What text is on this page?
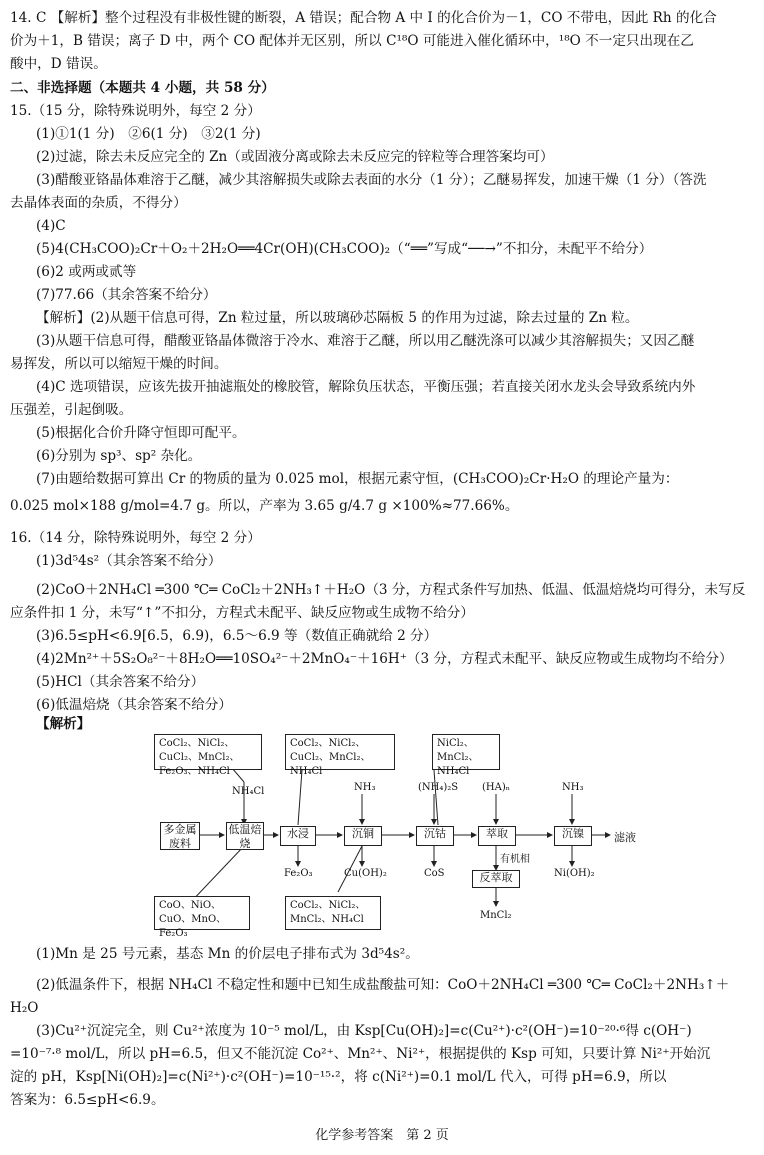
14. C 【解析】整个过程没有非极性键的断裂，A 错误；配合物 A 中 I 的化合价为－1，CO 不带电，因此 Rh 的化合
价为＋1，B 错误；离子 D 中，两个 CO 配体并无区别，所以 C¹⁸O 可能进入催化循环中，¹⁸O 不一定只出现在乙
酸中，D 错误。
二、非选择题（本题共 4 小题，共 58 分）
15.（15 分，除特殊说明外，每空 2 分）
(1)①1(1 分)　②6(1 分)　③2(1 分)
(2)过滤，除去未反应完全的 Zn（或固液分离或除去未反应完的锌粒等合理答案均可）
(3)醋酸亚铬晶体难溶于乙醚，减少其溶解损失或除去表面的水分（1 分）；乙醚易挥发，加速干燥（1 分）（答洗
去晶体表面的杂质，不得分）
(4)C
(5)4(CH₃COO)₂Cr＋O₂＋2H₂O══4Cr(OH)(CH₃COO)₂（“══”写成“──→”不扣分，未配平不给分）
(6)2 或两或贰等
(7)77.66（其余答案不给分）
【解析】(2)从题干信息可得，Zn 粒过量，所以玻璃砂芯隔板 5 的作用为过滤，除去过量的 Zn 粒。
(3)从题干信息可得，醋酸亚铬晶体微溶于冷水、难溶于乙醚，所以用乙醚洗涤可以减少其溶解损失；又因乙醚
易挥发，所以可以缩短干燥的时间。
(4)C 选项错误，应该先拔开抽滤瓶处的橡胶管，解除负压状态，平衡压强；若直接关闭水龙头会导致系统内外
压强差，引起倒吸。
(5)根据化合价升降守恒即可配平。
(6)分别为 sp³、sp² 杂化。
(7)由题给数据可算出 Cr 的物质的量为 0.025 mol，根据元素守恒，(CH₃COO)₂Cr·H₂O 的理论产量为：
0.025 mol×188 g/mol=4.7 g。所以，产率为 3.65 g/4.7 g ×100%≈77.66%。
16.（14 分，除特殊说明外，每空 2 分）
(1)3d⁵4s²（其余答案不给分）
(2)CoO＋2NH₄Cl ═300 ℃═ CoCl₂＋2NH₃↑＋H₂O（3 分，方程式条件写加热、低温、低温焙烧均可得分，未写反
应条件扣 1 分，未写“↑”不扣分，方程式未配平、缺反应物或生成物不给分）
(3)6.5≤pH<6.9[6.5，6.9)，6.5～6.9 等（数值正确就给 2 分）
(4)2Mn²⁺＋5S₂O₈²⁻＋8H₂O══10SO₄²⁻＋2MnO₄⁻＋16H⁺（3 分，方程式未配平、缺反应物或生成物均不给分）
(5)HCl（其余答案不给分）
(6)低温焙烧（其余答案不给分）
【解析】
CoCl₂、NiCl₂、CuCl₂、MnCl₂、Fe₂O₃、NH₄Cl
CoCl₂、NiCl₂、CuCl₂、MnCl₂、NH₄Cl
NiCl₂、MnCl₂、NH₄Cl
CoO、NiO、CuO、MnO、Fe₂O₃
CoCl₂、NiCl₂、MnCl₂、NH₄Cl
多金属废料
低温焙烧
水浸	沉铜	沉钴	萃取	沉镍
反萃取
NH₄Cl	NH₃	(NH₄)₂S (HA)ₙ	NH₃
Fe₂O₃	Cu(OH)₂	CoS
有机相
Ni(OH)₂
MnCl₂
滤液
(1)Mn 是 25 号元素，基态 Mn 的价层电子排布式为 3d⁵4s²。
(2)低温条件下，根据 NH₄Cl 不稳定性和题中已知生成盐酸盐可知：CoO＋2NH₄Cl ═300 ℃═ CoCl₂＋2NH₃↑＋
H₂O
(3)Cu²⁺沉淀完全，则 Cu²⁺浓度为 10⁻⁵ mol/L，由 Ksp[Cu(OH)₂]=c(Cu²⁺)·c²(OH⁻)=10⁻²⁰·⁶得 c(OH⁻)
=10⁻⁷·⁸ mol/L，所以 pH=6.5，但又不能沉淀 Co²⁺、Mn²⁺、Ni²⁺，根据提供的 Ksp 可知，只要计算 Ni²⁺开始沉
淀的 pH，Ksp[Ni(OH)₂]=c(Ni²⁺)·c²(OH⁻)=10⁻¹⁵·²，将 c(Ni²⁺)=0.1 mol/L 代入，可得 pH=6.9，所以
答案为：6.5≤pH<6.9。
化学参考答案　第 2 页
